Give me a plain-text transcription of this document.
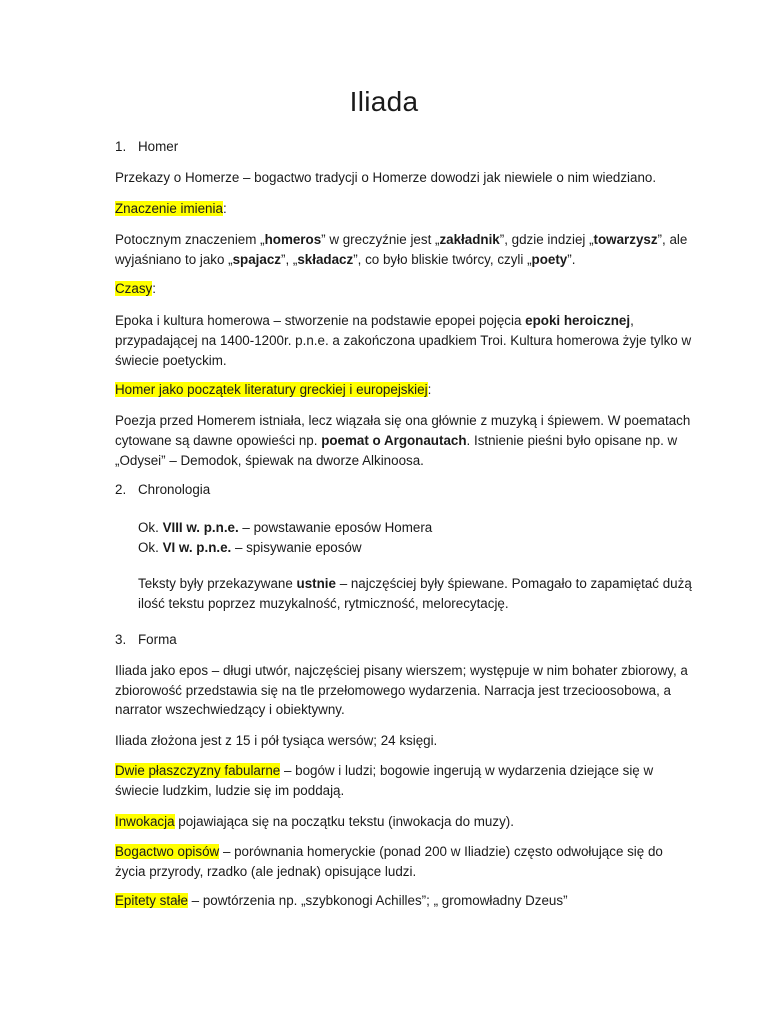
Iliada

1. Homer

Przekazy o Homerze – bogactwo tradycji o Homerze dowodzi jak niewiele o nim wiedziano.

Znaczenie imienia:

Potocznym znaczeniem „homeros” w greczyźnie jest „zakładnik”, gdzie indziej „towarzysz”, ale

wyjaśniano to jako „spajacz”, „składacz”, co było bliskie twórcy, czyli „poety”.

Czasy:

Epoka i kultura homerowa – stworzenie na podstawie epopei pojęcia epoki heroicznej,

przypadającej na 1400-1200r. p.n.e. a zakończona upadkiem Troi. Kultura homerowa żyje tylko w

świecie poetyckim.

Homer jako początek literatury greckiej i europejskiej:

Poezja przed Homerem istniała, lecz wiązała się ona głównie z muzyką i śpiewem. W poematach

cytowane są dawne opowieści np. poemat o Argonautach. Istnienie pieśni było opisane np. w

„Odysei” – Demodok, śpiewak na dworze Alkinoosa.

2. Chronologia

Ok. VIII w. p.n.e. – powstawanie eposów Homera

Ok. VI w. p.n.e. – spisywanie eposów

Teksty były przekazywane ustnie – najczęściej były śpiewane. Pomagało to zapamiętać dużą

ilość tekstu poprzez muzykalność, rytmiczność, melorecytację.

3. Forma

Iliada jako epos – długi utwór, najczęściej pisany wierszem; występuje w nim bohater zbiorowy, a

zbiorowość przedstawia się na tle przełomowego wydarzenia. Narracja jest trzecioosobowa, a

narrator wszechwiedzący i obiektywny.

Iliada złożona jest z 15 i pół tysiąca wersów; 24 księgi.

Dwie płaszczyzny fabularne – bogów i ludzi; bogowie ingerują w wydarzenia dziejące się w

świecie ludzkim, ludzie się im poddają.

Inwokacja pojawiająca się na początku tekstu (inwokacja do muzy).

Bogactwo opisów – porównania homeryckie (ponad 200 w Iliadzie) często odwołujące się do

życia przyrody, rzadko (ale jednak) opisujące ludzi.

Epitety stałe – powtórzenia np. „szybkonogi Achilles”; „ gromowładny Dzeus”
